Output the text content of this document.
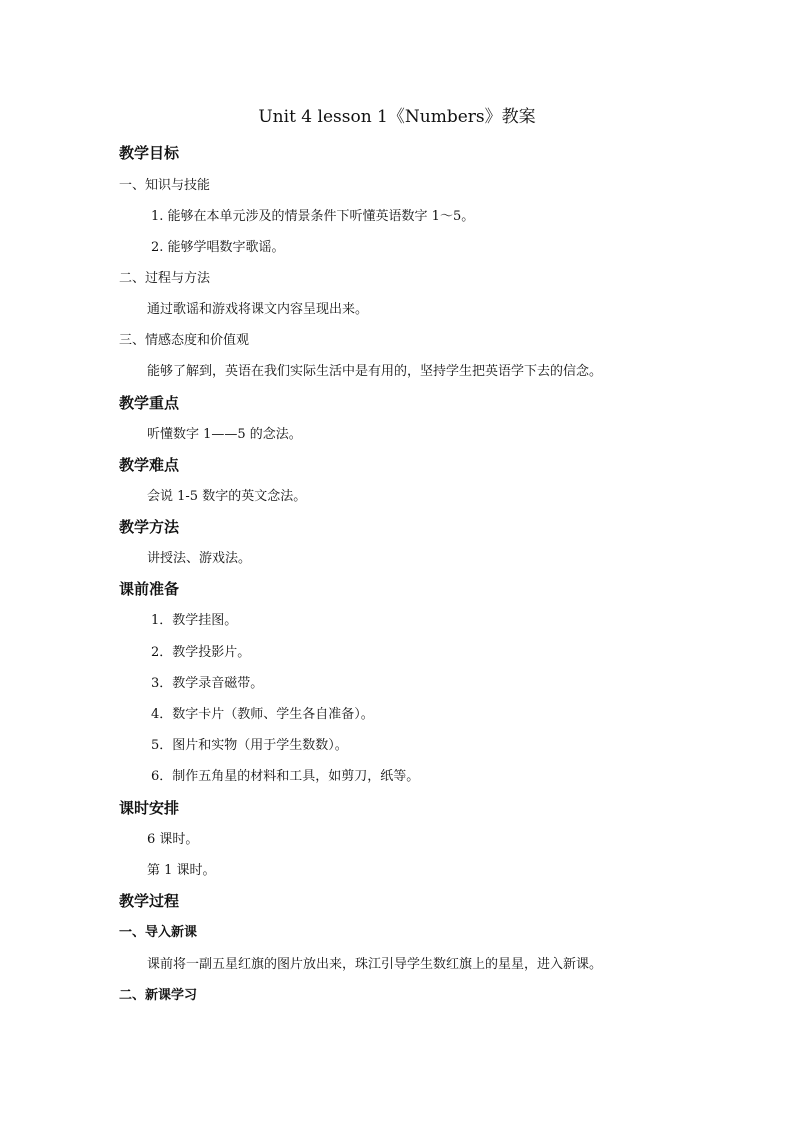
Unit 4 lesson 1《Numbers》教案
教学目标
一、知识与技能
1. 能够在本单元涉及的情景条件下听懂英语数字 1～5。
2. 能够学唱数字歌谣。
二、过程与方法
通过歌谣和游戏将课文内容呈现出来。
三、情感态度和价值观
能够了解到，英语在我们实际生活中是有用的，坚持学生把英语学下去的信念。
教学重点
听懂数字 1——5 的念法。
教学难点
会说 1-5 数字的英文念法。
教学方法
讲授法、游戏法。
课前准备
1．教学挂图。
2．教学投影片。
3．教学录音磁带。
4．数字卡片（教师、学生各自准备）。
5．图片和实物（用于学生数数）。
6．制作五角星的材料和工具，如剪刀，纸等。
课时安排
6 课时。
第 1 课时。
教学过程
一、导入新课
课前将一副五星红旗的图片放出来，珠江引导学生数红旗上的星星，进入新课。
二、新课学习
